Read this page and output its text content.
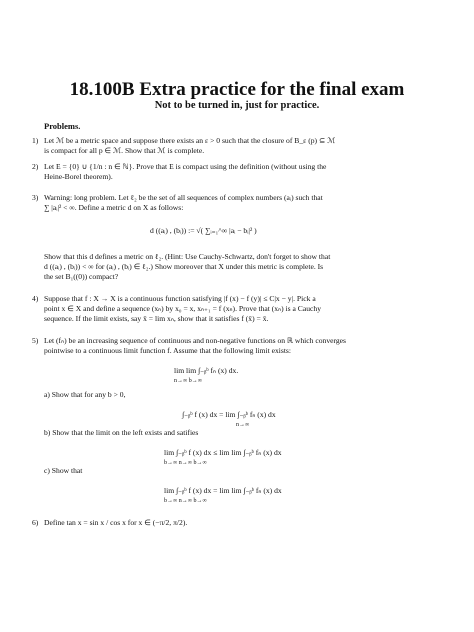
18.100B Extra practice for the final exam
Not to be turned in, just for practice.
Problems.
1) Let ℳ be a metric space and suppose there exists an ε > 0 such that the closure of B_ε (p) ⊆ ℳ
is compact for all p ∈ ℳ. Show that ℳ is complete.
2) Let E = {0} ∪ {1/n : n ∈ ℕ}. Prove that E is compact using the definition (without using the
Heine-Borel theorem).
3) Warning: long problem. Let ℓ₂ be the set of all sequences of complex numbers (aᵢ) such that
∑ |aᵢ|² < ∞. Define a metric d on X as follows:
d ((aᵢ) , (bᵢ)) := √( ∑ᵢ₌₁^∞ |aᵢ − bᵢ|² )
Show that this d defines a metric on ℓ₂. (Hint: Use Cauchy-Schwartz, don't forget to show that
d ((aᵢ) , (bᵢ)) < ∞ for (aᵢ) , (bᵢ) ∈ ℓ₂.) Show moreover that X under this metric is complete. Is
the set B₁((0)) compact?
4) Suppose that f : X → X is a continuous function satisfying |f (x) − f (y)| ≤ C|x − y|. Pick a
point x ∈ X and define a sequence (xₙ) by x₀ = x, xₙ₊₁ = f (xₙ). Prove that (xₙ) is a Cauchy
sequence. If the limit exists, say x̄ = lim xₙ, show that it satisfies f (x̄) = x̄.
5) Let (fₙ) be an increasing sequence of continuous and non-negative functions on ℝ which converges
pointwise to a continuous limit function f. Assume that the following limit exists:
lim lim ∫₋ᵦᵇ fₙ (x) dx.
n→∞ b→∞
a) Show that for any b > 0,
∫₋ᵦᵇ f (x) dx = lim ∫₋ᵦᵇ fₙ (x) dx
n→∞
b) Show that the limit on the left exists and satifies
lim ∫₋ᵦᵇ f (x) dx ≤ lim lim ∫₋ᵦᵇ fₙ (x) dx
b→∞ n→∞ b→∞
c) Show that
lim ∫₋ᵦᵇ f (x) dx = lim lim ∫₋ᵦᵇ fₙ (x) dx
b→∞ n→∞ b→∞
6) Define tan x = sin x / cos x for x ∈ (−π/2, π/2).
